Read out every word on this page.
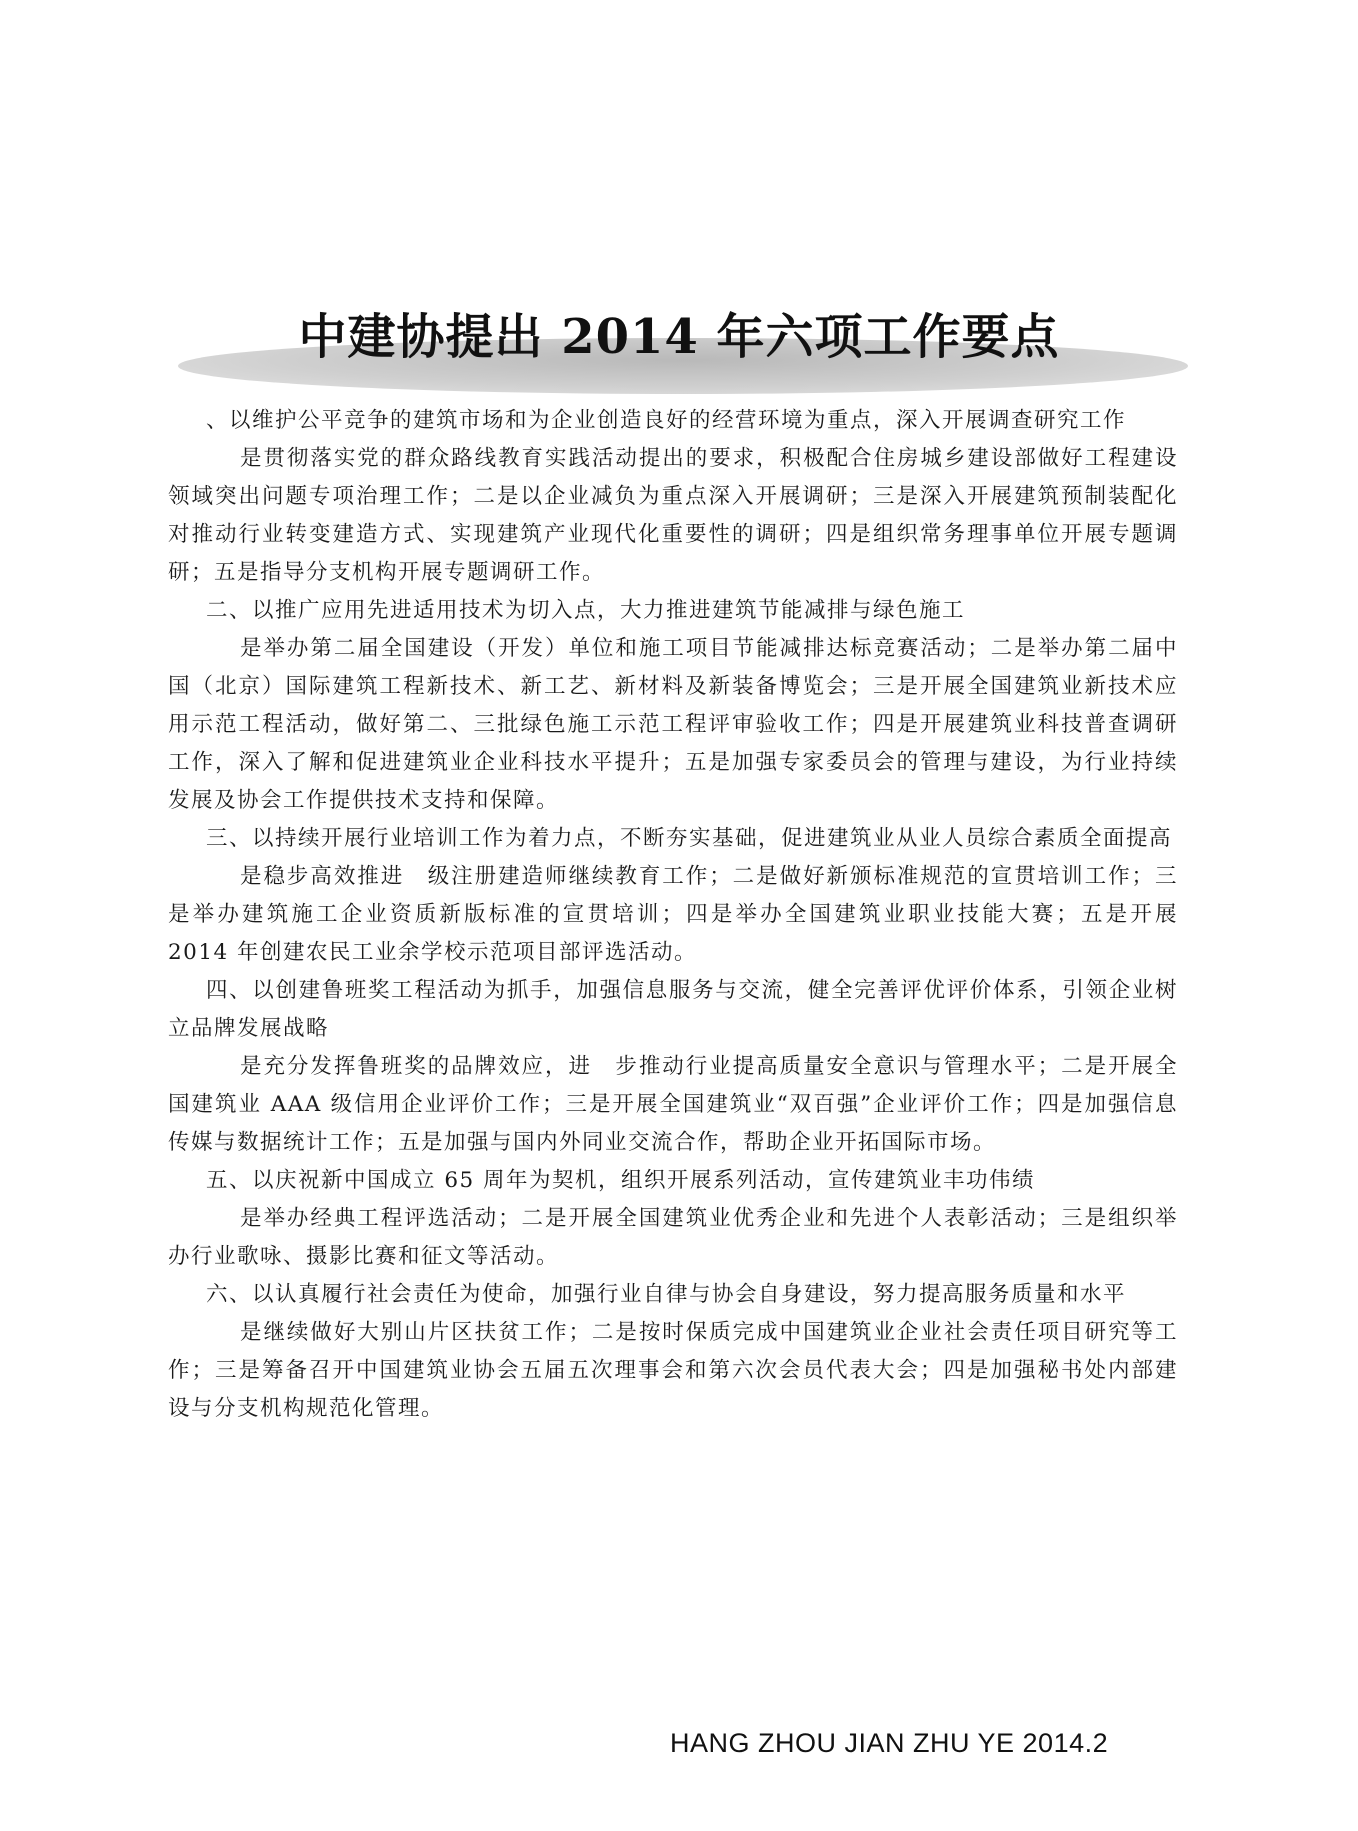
中建协提出 2014 年六项工作要点

、以维护公平竞争的建筑市场和为企业创造良好的经营环境为重点，深入开展调查研究工作

是贯彻落实党的群众路线教育实践活动提出的要求，积极配合住房城乡建设部做好工程建设领域突出问题专项治理工作；二是以企业减负为重点深入开展调研；三是深入开展建筑预制装配化对推动行业转变建造方式、实现建筑产业现代化重要性的调研；四是组织常务理事单位开展专题调研；五是指导分支机构开展专题调研工作。

二、以推广应用先进适用技术为切入点，大力推进建筑节能减排与绿色施工

是举办第二届全国建设（开发）单位和施工项目节能减排达标竞赛活动；二是举办第二届中国（北京）国际建筑工程新技术、新工艺、新材料及新装备博览会；三是开展全国建筑业新技术应用示范工程活动，做好第二、三批绿色施工示范工程评审验收工作；四是开展建筑业科技普查调研工作，深入了解和促进建筑业企业科技水平提升；五是加强专家委员会的管理与建设，为行业持续发展及协会工作提供技术支持和保障。

三、以持续开展行业培训工作为着力点，不断夯实基础，促进建筑业从业人员综合素质全面提高

是稳步高效推进　级注册建造师继续教育工作；二是做好新颁标准规范的宣贯培训工作；三是举办建筑施工企业资质新版标准的宣贯培训；四是举办全国建筑业职业技能大赛；五是开展 2014 年创建农民工业余学校示范项目部评选活动。

四、以创建鲁班奖工程活动为抓手，加强信息服务与交流，健全完善评优评价体系，引领企业树立品牌发展战略

是充分发挥鲁班奖的品牌效应，进　步推动行业提高质量安全意识与管理水平；二是开展全国建筑业 AAA 级信用企业评价工作；三是开展全国建筑业“双百强”企业评价工作；四是加强信息传媒与数据统计工作；五是加强与国内外同业交流合作，帮助企业开拓国际市场。

五、以庆祝新中国成立 65 周年为契机，组织开展系列活动，宣传建筑业丰功伟绩

是举办经典工程评选活动；二是开展全国建筑业优秀企业和先进个人表彰活动；三是组织举办行业歌咏、摄影比赛和征文等活动。

六、以认真履行社会责任为使命，加强行业自律与协会自身建设，努力提高服务质量和水平

是继续做好大别山片区扶贫工作；二是按时保质完成中国建筑业企业社会责任项目研究等工作；三是筹备召开中国建筑业协会五届五次理事会和第六次会员代表大会；四是加强秘书处内部建设与分支机构规范化管理。

HANG ZHOU JIAN ZHU YE 2014.2
